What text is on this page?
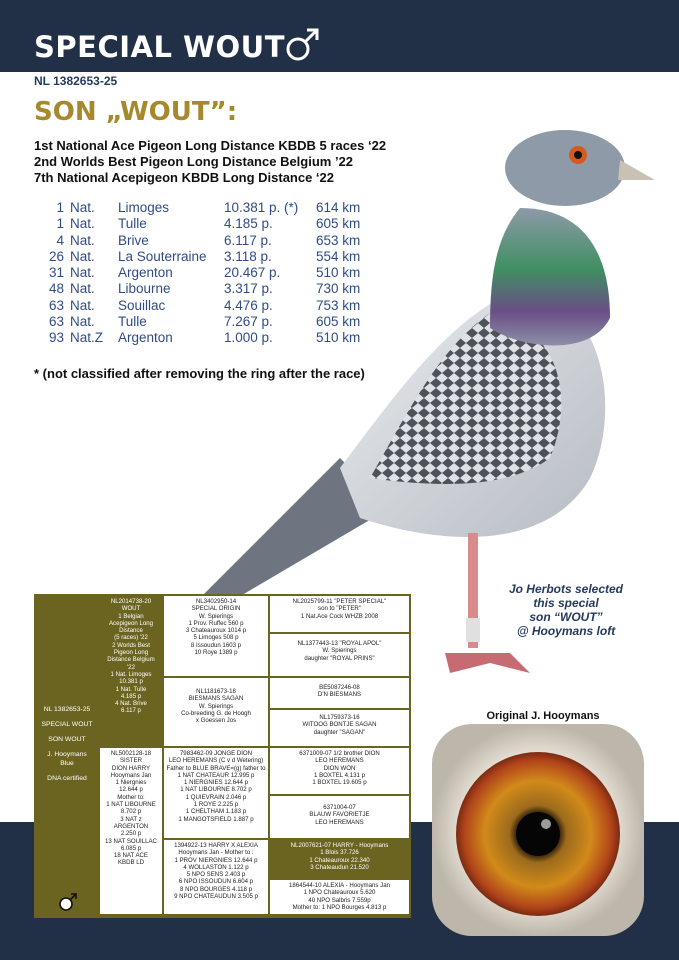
SPECIAL WOUT
NL 1382653-25
SON „WOUT”:
1st National Ace Pigeon Long Distance KBDB 5 races ‘22
2nd Worlds Best Pigeon Long Distance Belgium ’22
7th National Acepigeon KBDB Long Distance ‘22
1 Nat. Limoges	10.381 p. (*) 614 km
1 Nat. Tulle	4.185 p.	605 km
4 Nat. Brive	6.117 p.	653 km
26 Nat. La Souterraine 3.118 p.	554 km
31 Nat. Argenton	20.467 p.	510 km
48 Nat. Libourne	3.317 p.	730 km
63 Nat. Souillac	4.476 p.	753 km
63 Nat. Tulle	7.267 p.	605 km
93 Nat.Z Argenton	1.000 p.	510 km
* (not classified after removing the ring after the race)
Jo Herbots selected
this special
son “WOUT”
@ Hooymans loft
Original J. Hooymans
NL 1382653-25
SPECIAL WOUT
SON WOUT
J. Hooymans
Blue
DNA certified
NL2014738-20
WOUT
1 Belgian
Acepigeon Long
Distance
(5 races) '22
2 Worlds Best
Pigeon Long
Distance Belgium
'22
1 Nat. Limoges
10.381 p
1 Nat. Tulle
4.185 p
4 Nat. Brive
6.117 p
NL5002128-18
SISTER
DION HARRY
Hooymans Jan
1 Niergnies
12.644 p
Mother to:
1 NAT LIBOURNE
8.702 p
3 NAT z
ARGENTON
2.250 p
13 NAT SOUILLAC
6.085 p
18 NAT ACE
KBDB LD
NL3402950-14
SPECIAL ORIGIN
W. Spierings
1 Prov. Ruffec 560 p
3 Chateauroux 1014 p
5 Limoges 508 p
8 Issoudun 1603 p
10 Roye 1389 p
NL1181673-18
BIESMANS SAGAN
W. Spierings
Co-breeding G. de Hoogh
x Goessen Jos
7983462-09 JONGE DION
LEO HEREMANS (C v d Wetering)
Father to BLUE BRAVE=(g) father to
1 NAT CHATEAUR 12.995 p
1 NIERGNIES 12.644 p
1 NAT LIBOURNE 8.702 p
1 QUIEVRAIN 2.046 p
1 ROYE 2.225 p
1 CHELTHAM 1.183 p
1 MANGOTSFIELD 1.887 p
1394922-13 HARRY X ALEXIA
Hooymans Jan - Mother to :
1 PROV NIERGNIES 12.644 p
4 WOLLASTON 1.122 p
5 NPO SENS 2.403 p
6 NPO ISSOUDUN 6.604 p
8 NPO BOURGES 4.118 p
9 NPO CHATEAUDUN 3.505 p
NL2025799-11 "PETER SPECIAL"
son to "PETER"
1 Nat.Ace Cock WHZB 2008
NL1377443-13 "ROYAL APOL"
W. Spierings
daughter "ROYAL PRINS"
BE5087246-08
D'N BIESMANS
NL1759373-16
WITOOG BONTJE SAGAN
daughter "SAGAN"
6371009-07 1/2 brother DION
LEO HEREMANS
DION WON
1 BOXTEL 4.131 p
1 BOXTEL 19.605 p
6371004-07
BLAUW FAVORIETJE
LEO HEREMANS
NL2007621-07 HARRY - Hooymans
1 Blois 37.726
1 Chateauroux 22.340
3 Chateaudun 21.520
1864544-10 ALEXIA - Hooymans Jan
1 NPO Chateauroux 5.620
40 NPO Salbris 7.559p
Mother to: 1 NPO Bourges 4.813 p
